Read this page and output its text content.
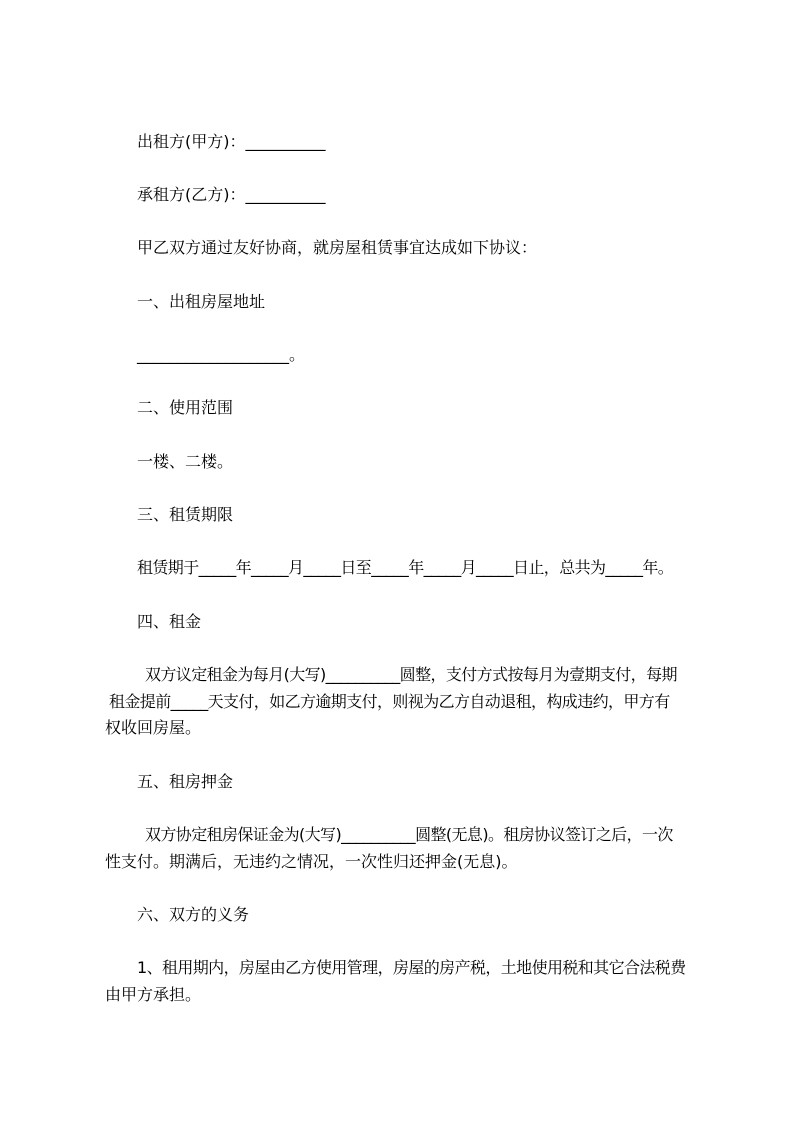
出租方(甲方)：__________
承租方(乙方)：__________
甲乙双方通过友好协商，就房屋租赁事宜达成如下协议：
一、出租房屋地址
___________________。
二、使用范围
一楼、二楼。
三、租赁期限
租赁期于_____年_____月_____日至_____年_____月_____日止，总共为_____年。
四、租金
双方议定租金为每月(大写)__________圆整，支付方式按每月为壹期支付，每期
租金提前_____天支付，如乙方逾期支付，则视为乙方自动退租，构成违约，甲方有
权收回房屋。
五、租房押金
双方协定租房保证金为(大写)__________圆整(无息)。租房协议签订之后，一次
性支付。期满后，无违约之情况，一次性归还押金(无息)。
六、双方的义务
1、租用期内，房屋由乙方使用管理，房屋的房产税，土地使用税和其它合法税费
由甲方承担。
